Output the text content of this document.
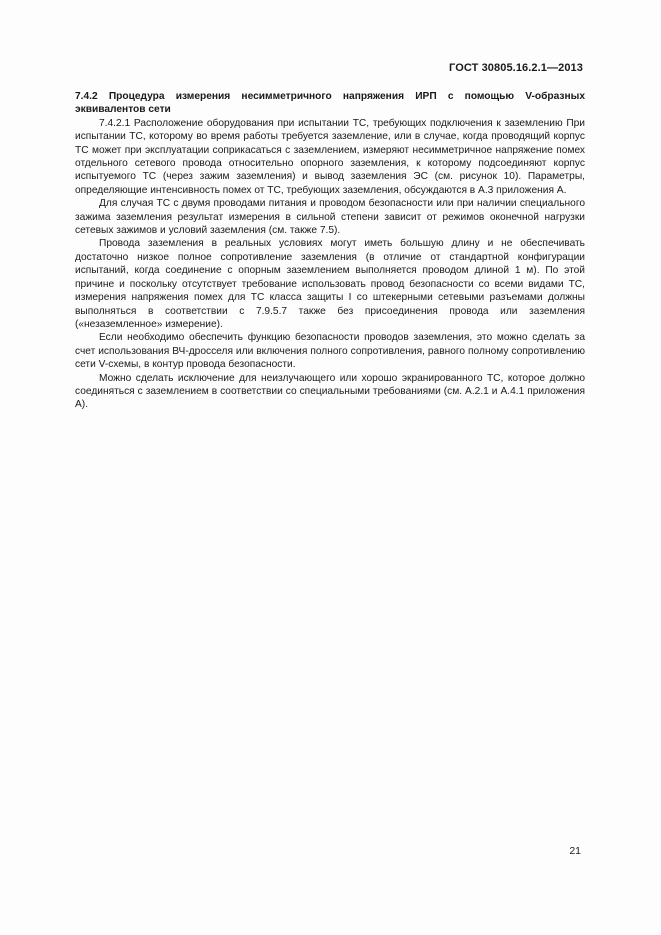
ГОСТ 30805.16.2.1—2013

7.4.2 Процедура измерения несимметричного напряжения ИРП с помощью V-образных эквивалентов сети

7.4.2.1 Расположение оборудования при испытании ТС, требующих подключения к заземлению При испытании ТС, которому во время работы требуется заземление, или в случае, когда проводящий корпус ТС может при эксплуатации соприкасаться с заземлением, измеряют несимметричное напряжение помех отдельного сетевого провода относительно опорного заземления, к которому подсоединяют корпус испытуемого ТС (через зажим заземления) и вывод заземления ЭС (см. рисунок 10). Параметры, определяющие интенсивность помех от ТС, требующих заземления, обсуждаются в А.3 приложения А.

Для случая ТС с двумя проводами питания и проводом безопасности или при наличии специального зажима заземления результат измерения в сильной степени зависит от режимов оконечной нагрузки сетевых зажимов и условий заземления (см. также 7.5).

Провода заземления в реальных условиях могут иметь большую длину и не обеспечивать достаточно низкое полное сопротивление заземления (в отличие от стандартной конфигурации испытаний, когда соединение с опорным заземлением выполняется проводом длиной 1 м). По этой причине и поскольку отсутствует требование использовать провод безопасности со всеми видами ТС, измерения напряжения помех для ТС класса защиты I со штекерными сетевыми разъемами должны выполняться в соответствии с 7.9.5.7 также без присоединения провода или заземления («незаземленное» измерение).

Если необходимо обеспечить функцию безопасности проводов заземления, это можно сделать за счет использования ВЧ-дросселя или включения полного сопротивления, равного полному сопротивлению сети V-схемы, в контур провода безопасности.

Можно сделать исключение для неизлучающего или хорошо экранированного ТС, которое должно соединяться с заземлением в соответствии со специальными требованиями (см. А.2.1 и А.4.1 приложения А).

21
